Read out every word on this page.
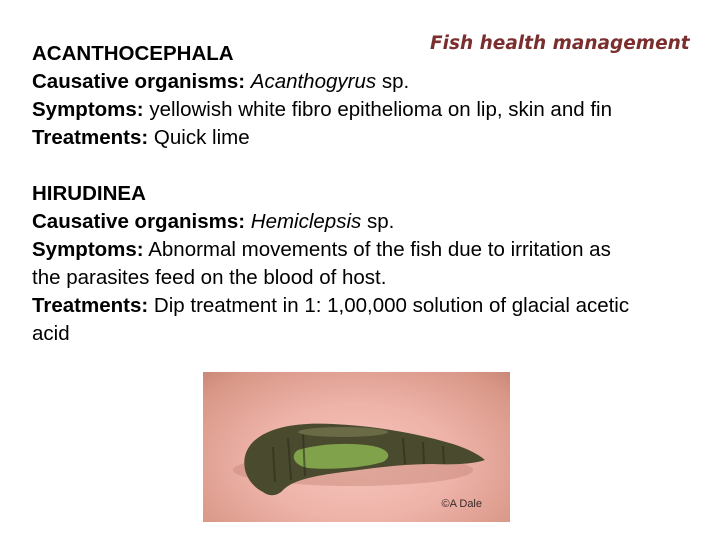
Fish health management
ACANTHOCEPHALA
Causative organisms: Acanthogyrus sp.
Symptoms: yellowish white fibro epithelioma on lip, skin and fin
Treatments: Quick lime
HIRUDINEA
Causative organisms: Hemiclepsis sp.
Symptoms: Abnormal movements of the fish due to irritation as the parasites feed on the blood of host.
Treatments: Dip treatment in 1: 1,00,000 solution of glacial acetic acid
©A Dale
